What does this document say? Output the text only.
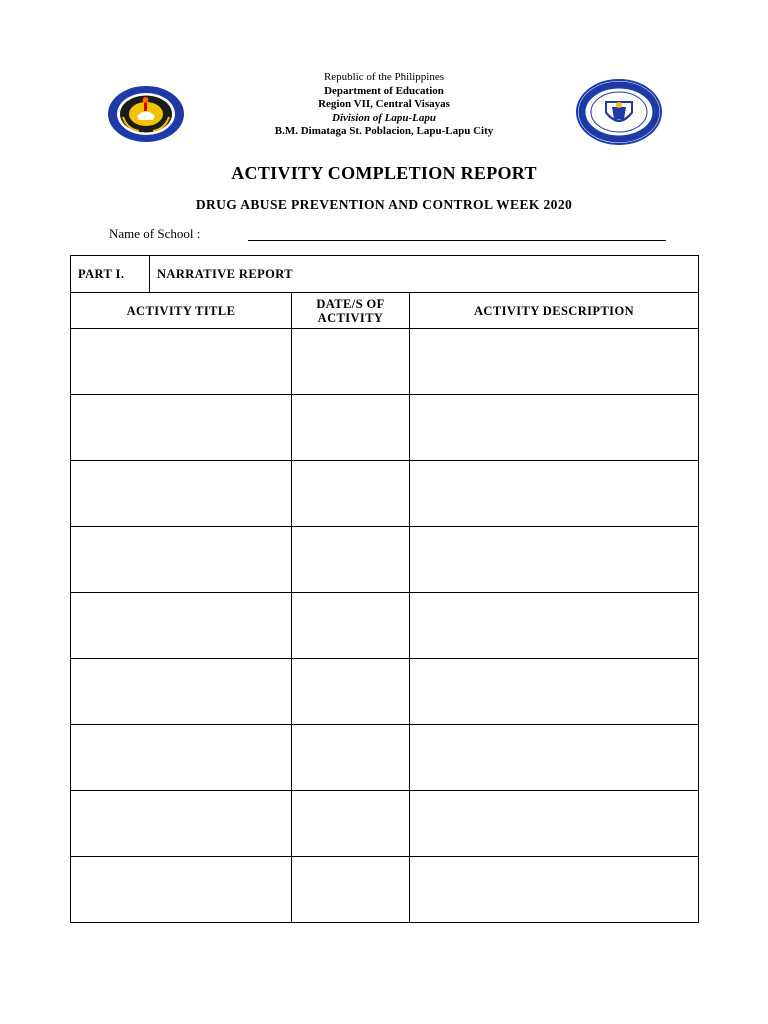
Republic of the Philippines
Department of Education
Region VII, Central Visayas
Division of Lapu-Lapu
B.M. Dimataga St. Poblacion, Lapu-Lapu City
ACTIVITY COMPLETION REPORT
DRUG ABUSE PREVENTION AND CONTROL WEEK 2020
Name of School :
PART I.	NARRATIVE REPORT		
ACTIVITY TITLE		DATE/S OF ACTIVITY	ACTIVITY DESCRIPTION
